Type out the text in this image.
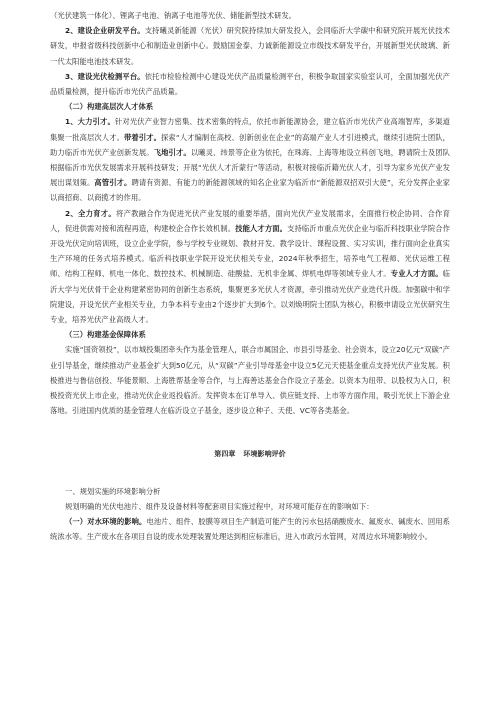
（光伏建筑一体化）、锂离子电池、钠离子电池等光伏、储能新型技术研发。

2、建设企业研发平台。支持曦灵新能源（光伏）研究院持续加大研发投入，会同临沂大学碳中和研究院开展光伏技术研发，申报省级科技创新中心和制造业创新中心。鼓励国金泰、力诚新能源设立市级技术研发平台，开展新型光伏玻璃、新一代太阳能电池技术研发。

3、建设光伏检测平台。依托市检验检测中心建设光伏产品质量检测平台，积极争取国家实验室认可，全面加强光伏产品质量检测，提升临沂市光伏产品质量。

（二）构建高层次人才体系

1、大力引才。针对光伏产业智力密集、技术密集的特点，依托市新能源协会，建立临沂市光伏产业高端智库，多渠道集聚一批高层次人才。带着引才。探索“人才编制在高校、创新创业在企业”的高端产业人才引进模式，继续引进院士团队，助力临沂市光伏产业创新发展。飞地引才。以曦灵、纬景等企业为依托，在珠海、上海等地设立科创飞地，聘请院士及团队根据临沂市光伏发展需求开展科技研发；开展“光伏人才沂蒙行”等活动，积极对接临沂籍光伏人才，引导为家乡光伏产业发展出谋划策。高管引才。聘请有资源、有能力的新能源领域的知名企业家为临沂市“新能源双招双引大使”，充分发挥企业家以商招商、以商揽才的作用。

2、全力育才。将产教融合作为促进光伏产业发展的重要举措，面向光伏产业发展需求，全面推行校企协同、合作育人，促进供需对接和流程再造，构建校企合作长效机制。技能人才方面。支持临沂市重点光伏企业与临沂科技职业学院合作开设光伏定向培训班，设立企业学院，参与学校专业规划、教材开发、教学设计、课程设置、实习实训，推行面向企业真实生产环境的任务式培养模式。临沂科技职业学院开设光伏相关专业，2024年秋季招生，培养电气工程师、光伏运维工程师、结构工程师、机电一体化、数控技术、机械制造、硅酸盐、无机非金属、焊机电焊等领域专业人才。专业人才方面。临沂大学与光伏骨干企业构建紧密协同的创新生态系统，集聚更多光伏人才资源，牵引推动光伏产业迭代升级。加强碳中和学院建设，开设光伏产业相关专业，力争本科专业由2个逐步扩大到6个。以刘焕明院士团队为核心，积极申请设立光伏研究生专业，培养光伏产业高级人才。

（三）构建基金保障体系

实施“国资领投”，以市城投集团牵头作为基金管理人，联合市属国企、市县引导基金、社会资本，设立20亿元“双碳”产业引导基金，继续推动产业基金扩大到50亿元，从“双碳”产业引导母基金中设立5亿元天使基金重点支持光伏产业发展。积极推进与鲁信创投、华能景顺、上海胜帮基金等合作，与上海善达基金合作设立子基金。以资本为纽带、以股权为入口，积极投资光伏上市企业，推动光伏企业返投临沂。发挥资本在订单导入、供应链支持、上市等方面作用，吸引光伏上下游企业落地。引进国内优质的基金管理人在临沂设立子基金，逐步设立种子、天使、VC等各类基金。

第四章 环境影响评价

一、规划实施的环境影响分析

规划明确的光伏电池片、组件及设备材料等配套项目实施过程中，对环境可能存在的影响如下：

（一）对水环境的影响。电池片、组件、胶膜等项目生产制造可能产生的污水包括硝酸废水、氟废水、碱废水、回用系统浓水等。生产废水在各项目自设的废水处理装置处理达到相应标准后，进入市政污水管网，对周边水环境影响较小。
